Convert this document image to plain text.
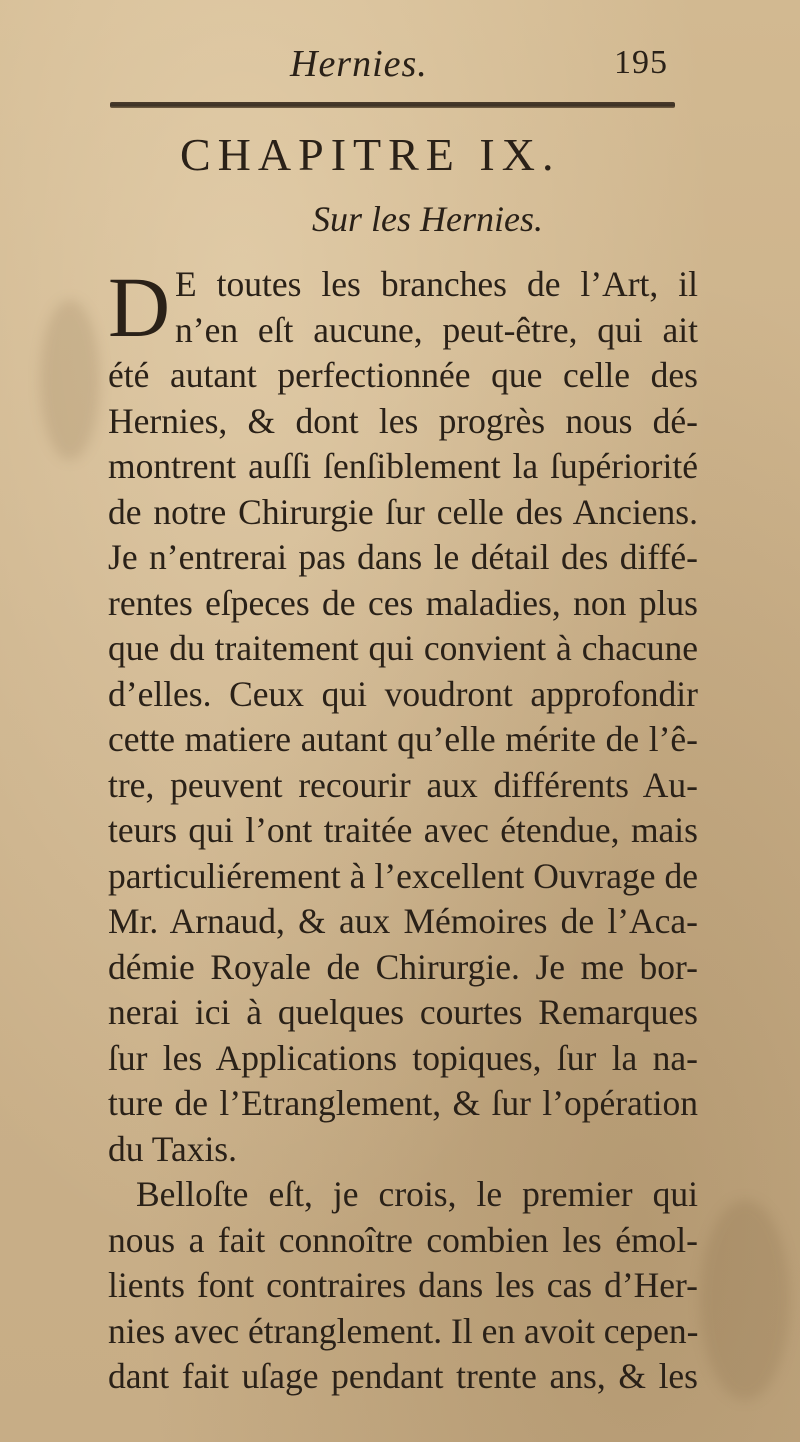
Hernies.	195
CHAPITRE IX.
Sur les Hernies.
D E toutes les branches de l’Art, il
n’en eſt aucune, peut-être, qui ait
été autant perfectionnée que celle des
Hernies, & dont les progrès nous dé-
montrent auſſi ſenſiblement la ſupériorité
de notre Chirurgie ſur celle des Anciens.
Je n’entrerai pas dans le détail des diffé-
rentes eſpeces de ces maladies, non plus
que du traitement qui convient à chacune
d’elles. Ceux qui voudront approfondir
cette matiere autant qu’elle mérite de l’ê-
tre, peuvent recourir aux différents Au-
teurs qui l’ont traitée avec étendue, mais
particuliérement à l’excellent Ouvrage de
Mr. Arnaud, & aux Mémoires de l’Aca-
démie Royale de Chirurgie. Je me bor-
nerai ici à quelques courtes Remarques
ſur les Applications topiques, ſur la na-
ture de l’Etranglement, & ſur l’opération
du Taxis.
Belloſte eſt, je crois, le premier qui
nous a fait connoître combien les émol-
lients font contraires dans les cas d’Her-
nies avec étranglement. Il en avoit cepen-
dant fait uſage pendant trente ans, & les
